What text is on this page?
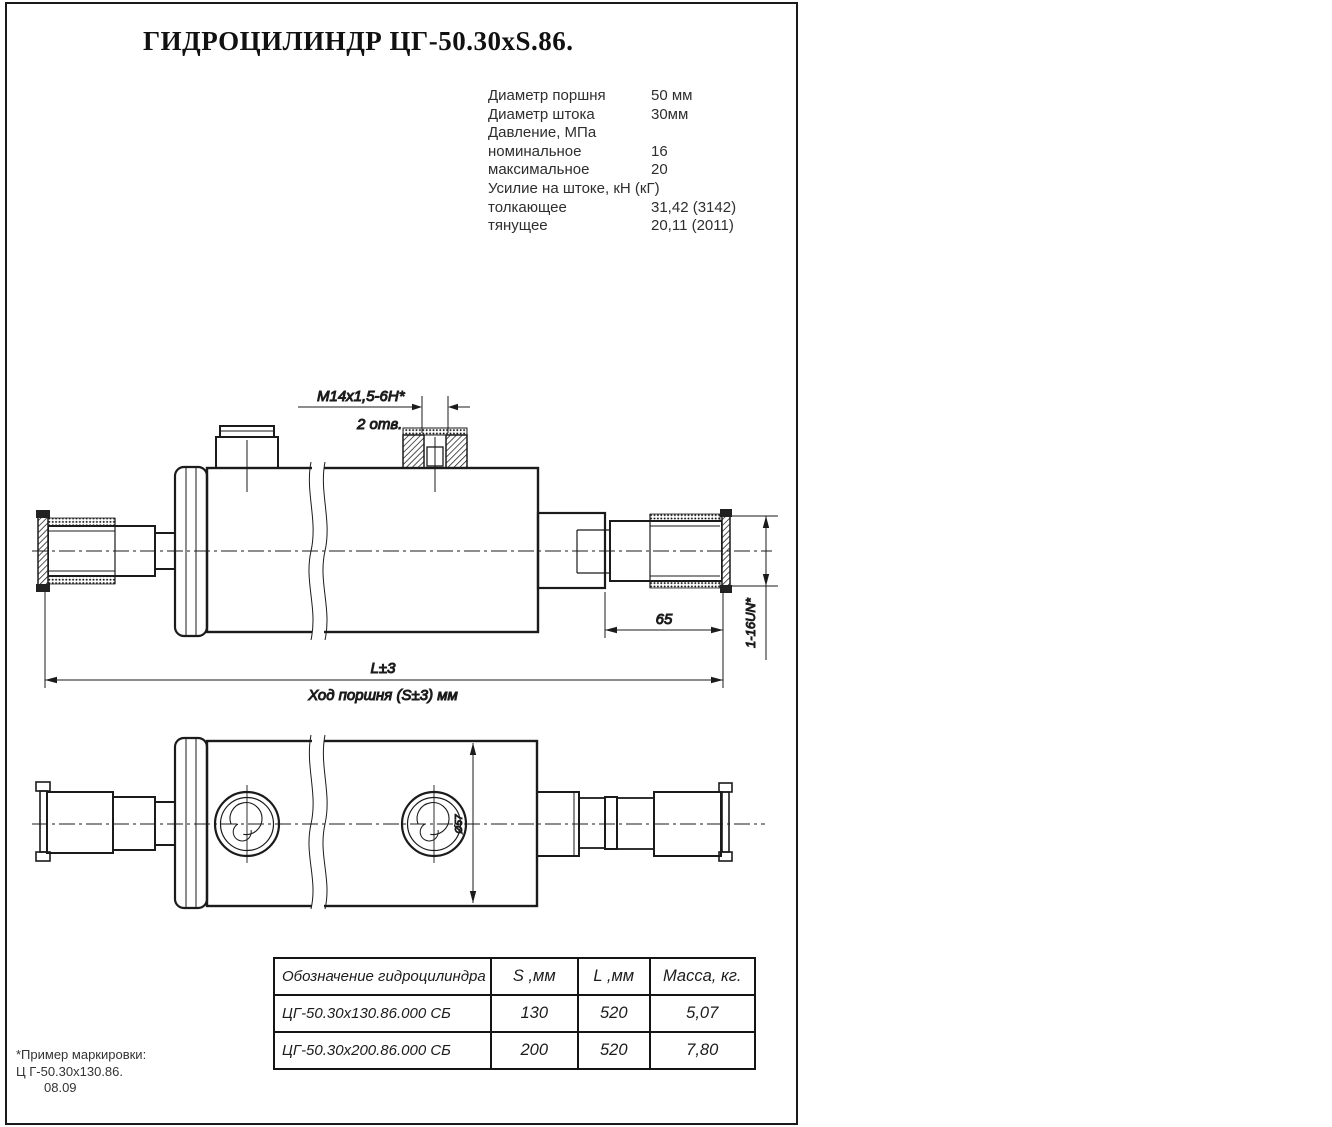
ГИДРОЦИЛИНДР ЦГ-50.30xS.86.
Диаметр поршня	50 мм
Диаметр штока	30мм
Давление, МПа
номинальное	16
максимальное	20
Усилие на штоке, кН (кГ)
толкающее	31,42 (3142)
тянущее	20,11 (2011)
M14x1,5-6H*
2 отв.
65	1-16UN*
L±3
Ход поршня (S±3) мм
Ø57
Обозначение гидроцилиндра	S ,мм	L ,мм	Масса, кг.
ЦГ-50.30х130.86.000 СБ	130	520	5,07
ЦГ-50.30х200.86.000 СБ	200	520	7,80
*Пример маркировки:
Ц Г-50.30х130.86.
08.09
